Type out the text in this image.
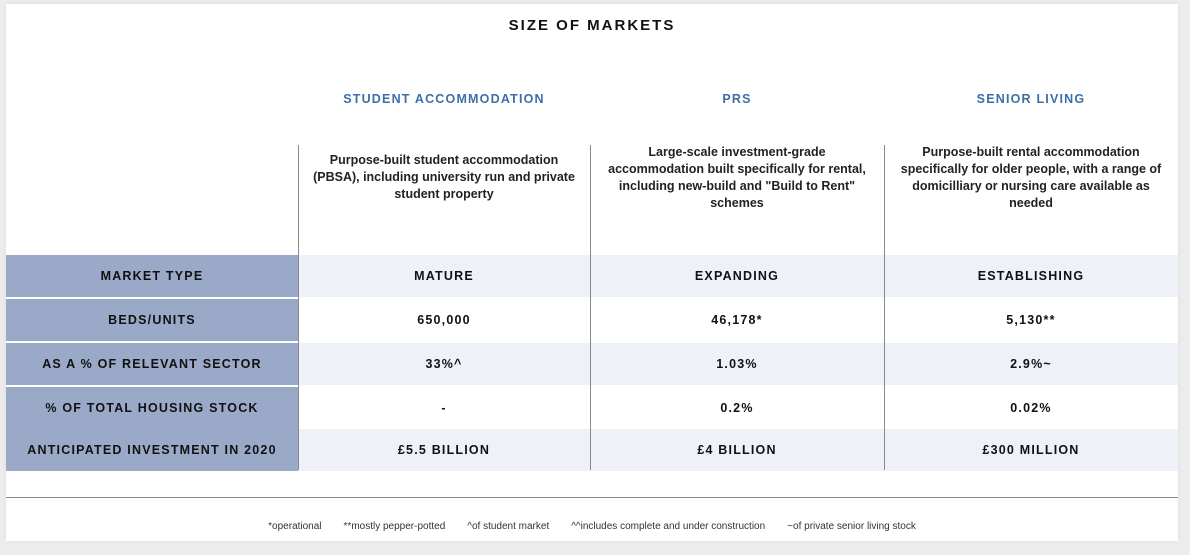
SIZE OF MARKETS
STUDENT ACCOMMODATION	PRS	SENIOR LIVING
Purpose-built student accommodation (PBSA), including university run and private student property
Large-scale investment-grade accommodation built specifically for rental, including new-build and "Build to Rent" schemes
Purpose-built rental accommodation specifically for older people, with a range of domicilliary or nursing care available as needed
MARKET TYPE	MATURE	EXPANDING	ESTABLISHING
BEDS/UNITS	650,000	46,178*	5,130**
AS A % OF RELEVANT SECTOR	33%^	1.03%	2.9%~
% OF TOTAL HOUSING STOCK	-	0.2%	0.02%
ANTICIPATED INVESTMENT IN 2020	£5.5 BILLION	£4 BILLION	£300 MILLION
*operational **mostly pepper-potted ^of student market ^^includes complete and under construction ~of private senior living stock
